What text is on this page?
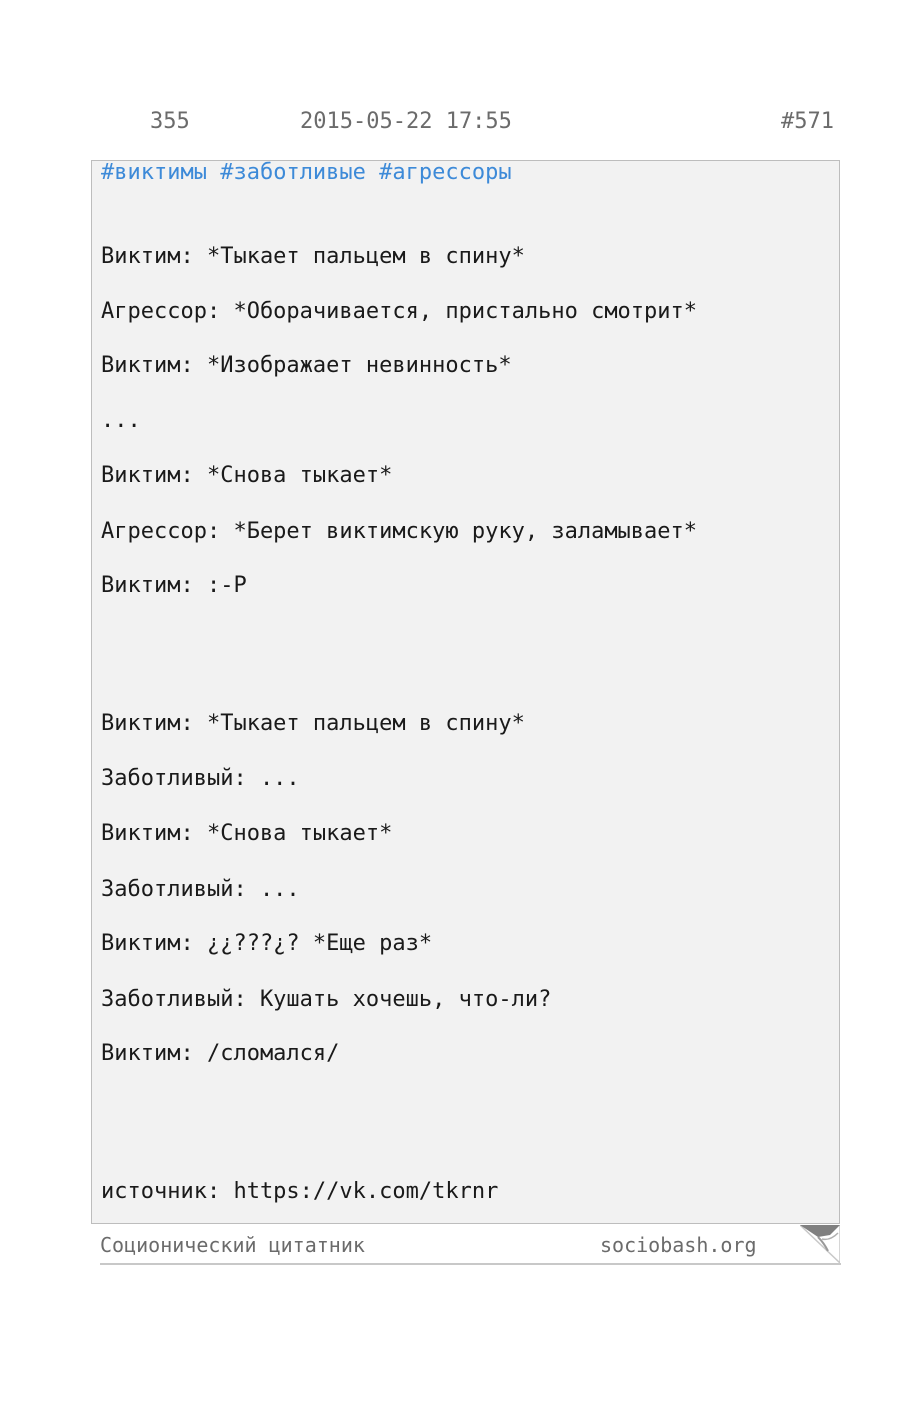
355	2015-05-22 17:55	#571
#виктимы #заботливые #агрессоры
Виктим: *Тыкает пальцем в спину*
Агрессор: *Оборачивается, пристально смотрит*
Виктим: *Изображает невинность*
...
Виктим: *Снова тыкает*
Агрессор: *Берет виктимскую руку, заламывает*
Виктим: :-P
Виктим: *Тыкает пальцем в спину*
Заботливый: ...
Виктим: *Снова тыкает*
Заботливый: ...
Виктим: ¿¿???¿? *Еще раз*
Заботливый: Кушать хочешь, что-ли?
Виктим: /сломался/
источник: https://vk.com/tkrnr
Соционический цитатник	sociobash.org
